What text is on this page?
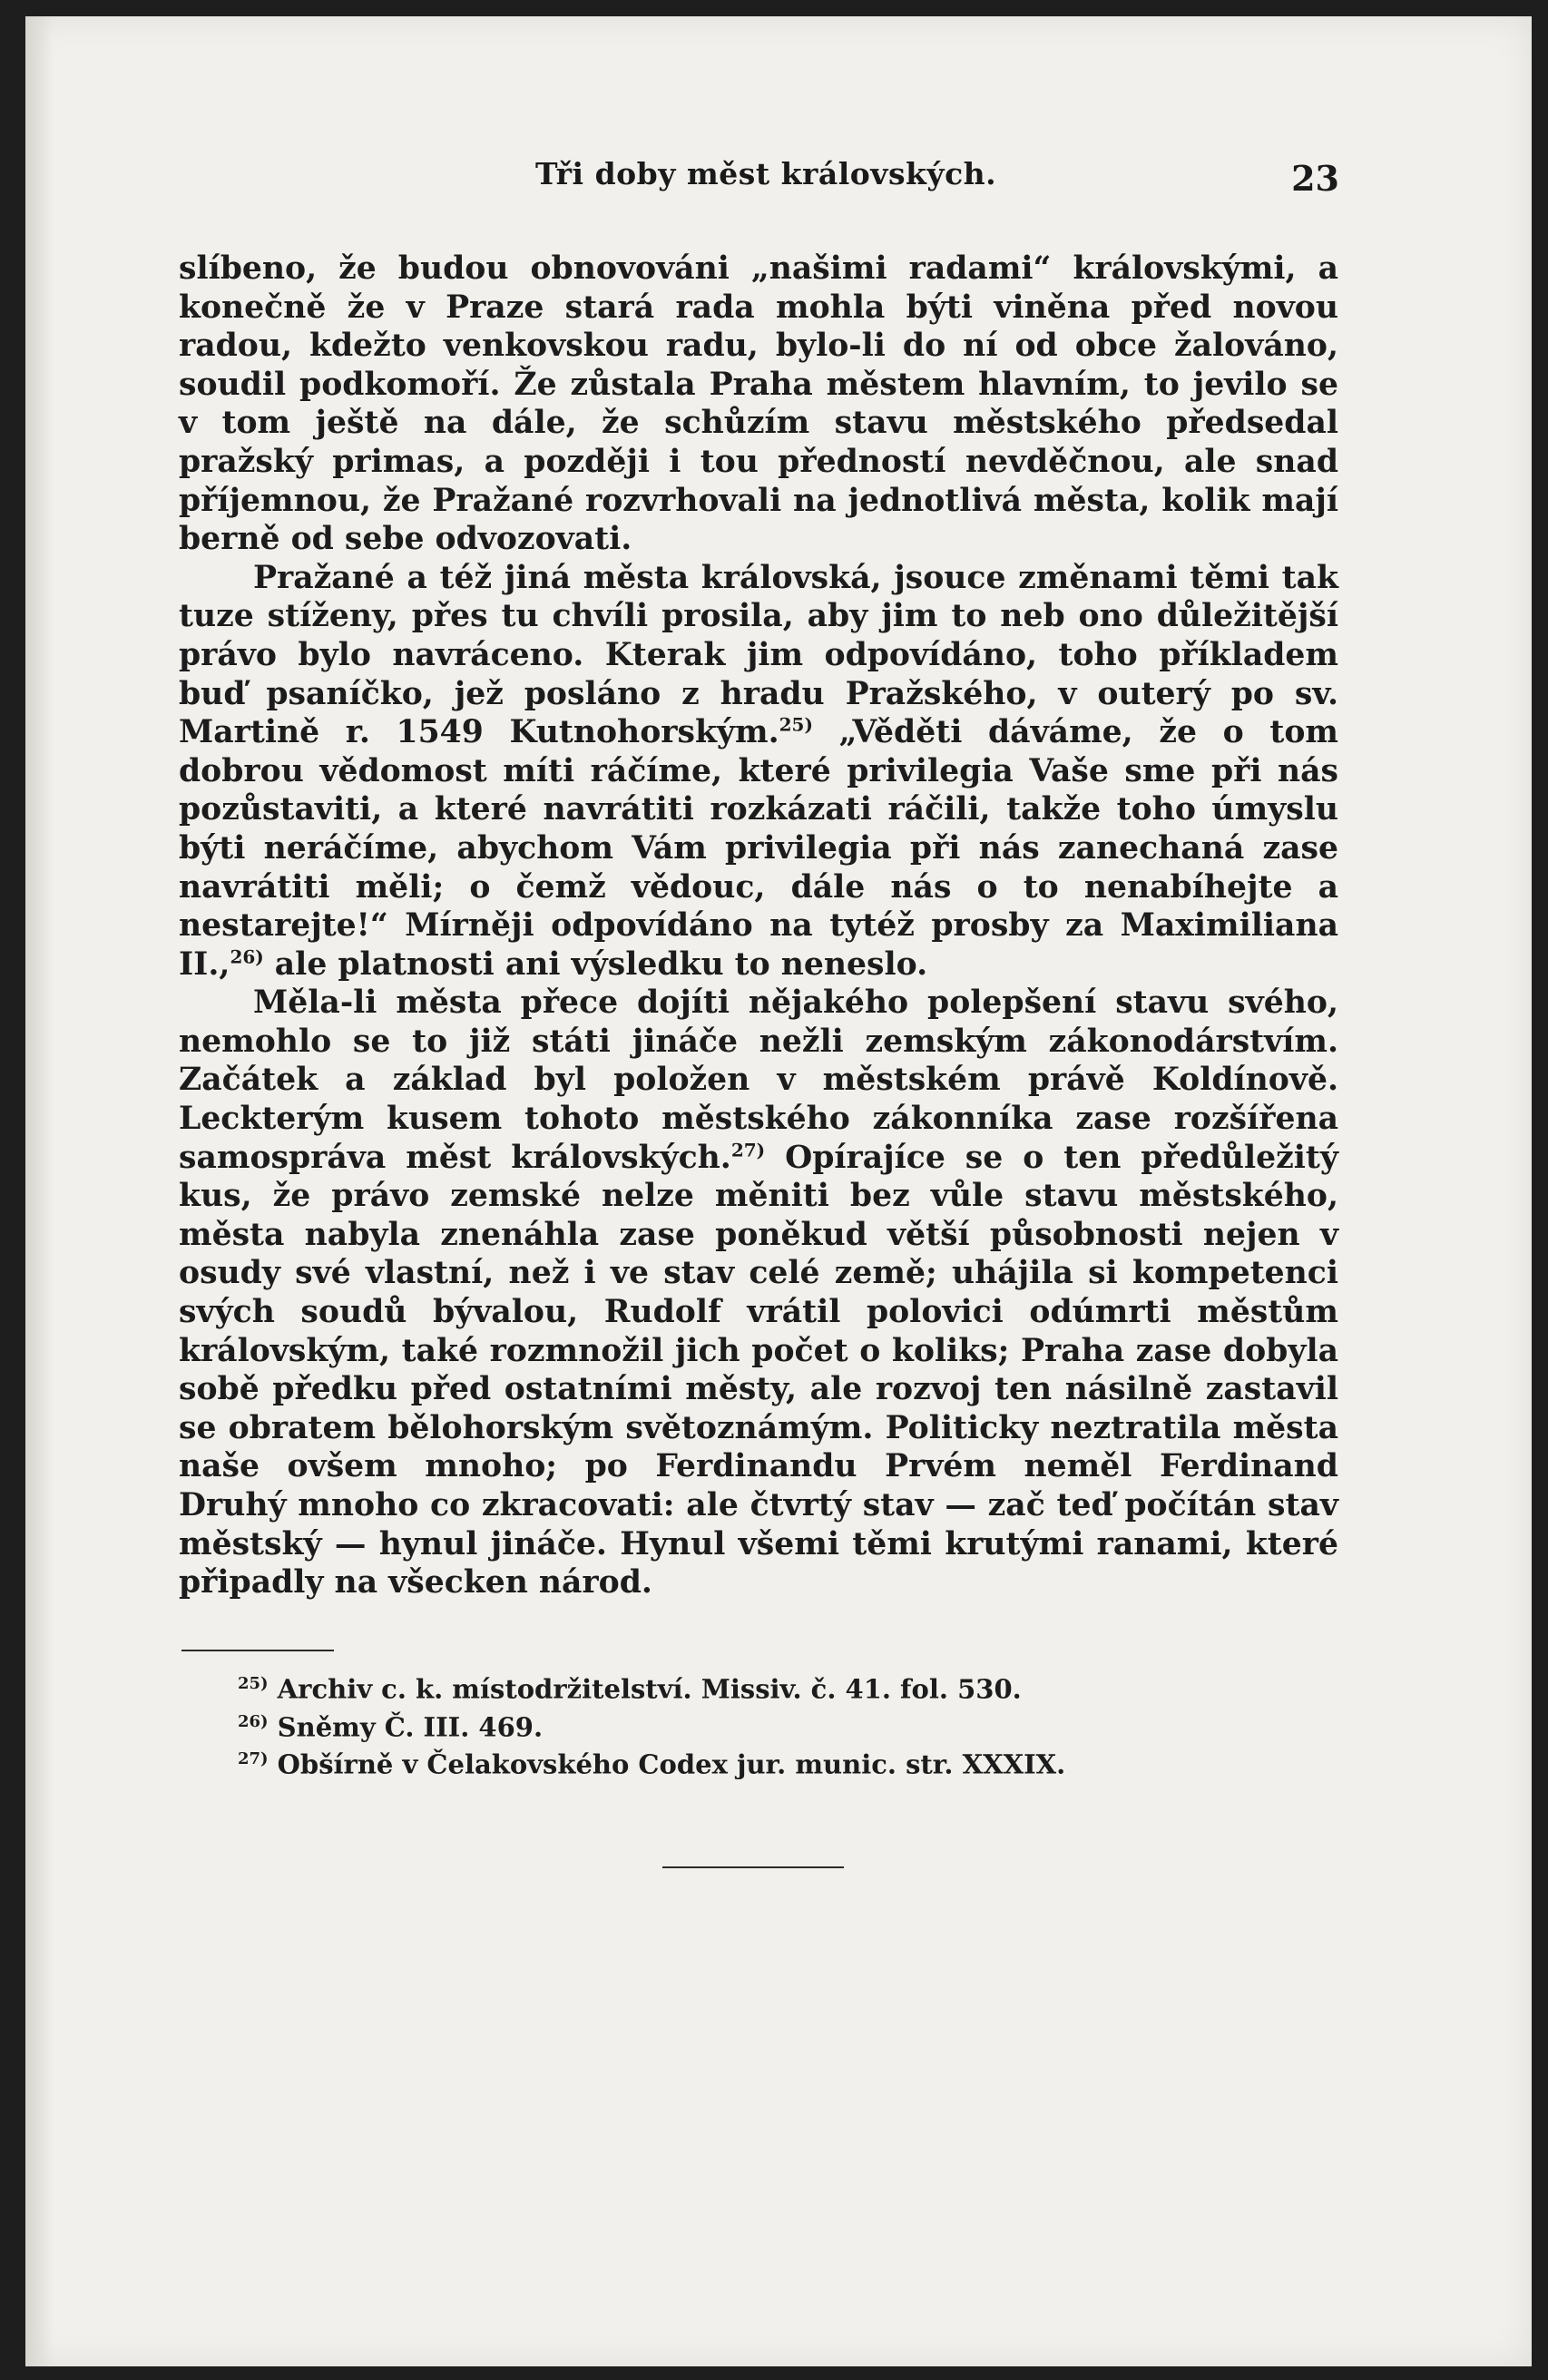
Tři doby měst královských.	23

slíbeno, že budou obnovováni „našimi radami“ královskými, a konečně že v Praze stará rada mohla býti viněna před novou radou, kdežto venkovskou radu, bylo-li do ní od obce žalováno, soudil podkomoří. Že zůstala Praha městem hlavním, to jevilo se v tom ještě na dále, že schůzím stavu městského předsedal pražský primas, a později i tou předností nevděčnou, ale snad příjemnou, že Pražané rozvrhovali na jednotlivá města, kolik mají berně od sebe odvozovati.

Pražané a též jiná města královská, jsouce změnami těmi tak tuze stíženy, přes tu chvíli prosila, aby jim to neb ono důležitější právo bylo navráceno. Kterak jim odpovídáno, toho příkladem buď psaníčko, jež posláno z hradu Pražského, v outerý po sv. Martině r. 1549 Kutnohorským.$^{25)}$ „Věděti dáváme, že o tom dobrou vědomost míti ráčíme, které privilegia Vaše sme při nás pozůstaviti, a které navrátiti rozkázati ráčili, takže toho úmyslu býti neráčíme, abychom Vám privilegia při nás zanechaná zase navrátiti měli; o čemž vědouc, dále nás o to nenabíhejte a nestarejte!“ Mírněji odpovídáno na tytéž prosby za Maximiliana II.,$^{26)}$ ale platnosti ani výsledku to neneslo.

Měla-li města přece dojíti nějakého polepšení stavu svého, nemohlo se to již státi jináče nežli zemským zákonodárstvím. Začátek a základ byl položen v městském právě Koldínově. Leckterým kusem tohoto městského zákonníka zase rozšířena samospráva měst královských.$^{27)}$ Opírajíce se o ten předůležitý kus, že právo zemské nelze měniti bez vůle stavu městského, města nabyla znenáhla zase poněkud větší působnosti nejen v osudy své vlastní, než i ve stav celé země; uhájila si kompetenci svých soudů bývalou, Rudolf vrátil polovici odúmrti městům královským, také rozmnožil jich počet o koliks; Praha zase dobyla sobě předku před ostatními městy, ale rozvoj ten násilně zastavil se obratem bělohorským světoznámým. Politicky neztratila města naše ovšem mnoho; po Ferdinandu Prvém neměl Ferdinand Druhý mnoho co zkracovati: ale čtvrtý stav — zač teď počítán stav městský — hynul jináče. Hynul všemi těmi krutými ranami, které připadly na všecken národ.

$^{25)}$ Archiv c. k. místodržitelství. Missiv. č. 41. fol. 530.
$^{26)}$ Sněmy Č. III. 469.
$^{27)}$ Obšírně v Čelakovského Codex jur. munic. str. XXXIX.
